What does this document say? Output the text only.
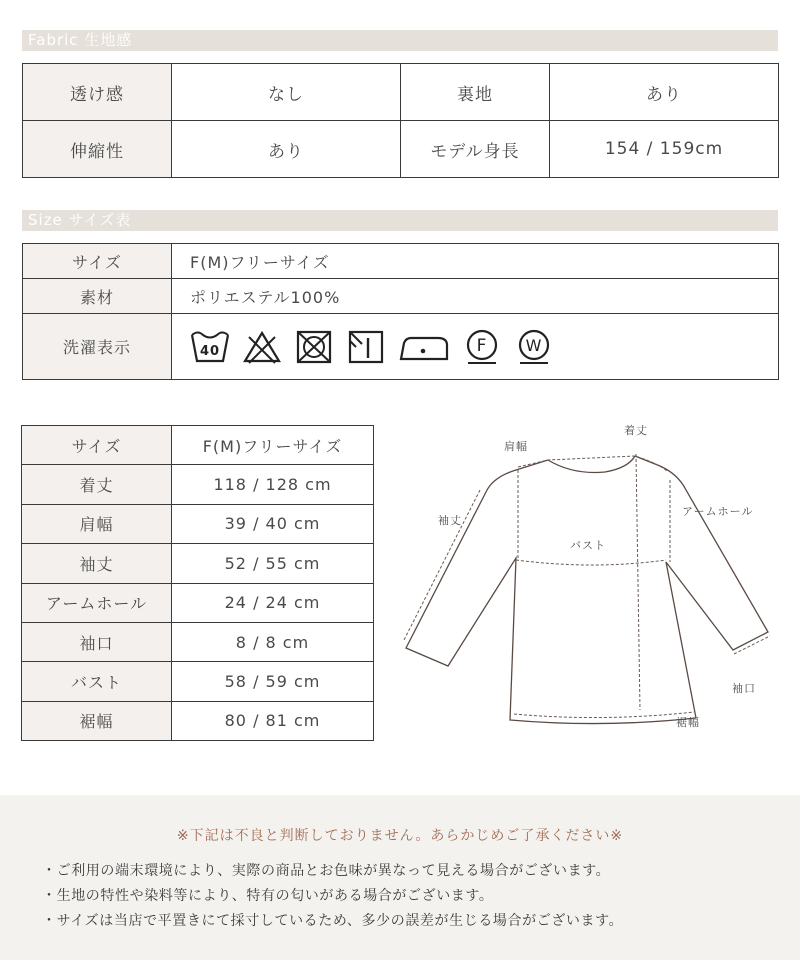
Fabric 生地感
透け感	なし	裏地	あり
伸縮性	あり	モデル身長	154 / 159cm
Size サイズ表
サイズ	F(M)フリーサイズ
素材	ポリエステル100%
洗濯表示	40 F W
サイズ	F(M)フリーサイズ
着丈	118 / 128 cm
肩幅	39 / 40 cm
袖丈	52 / 55 cm
アームホール	24 / 24 cm
袖口	8 / 8 cm
バスト	58 / 59 cm
裾幅	80 / 81 cm
着丈
肩幅
袖丈
アームホール
バスト
袖口
裾幅
※下記は不良と判断しておりません。あらかじめご了承ください※
・ご利用の端末環境により、実際の商品とお色味が異なって見える場合がございます。
・生地の特性や染料等により、特有の匂いがある場合がございます。
・サイズは当店で平置きにて採寸しているため、多少の誤差が生じる場合がございます。
